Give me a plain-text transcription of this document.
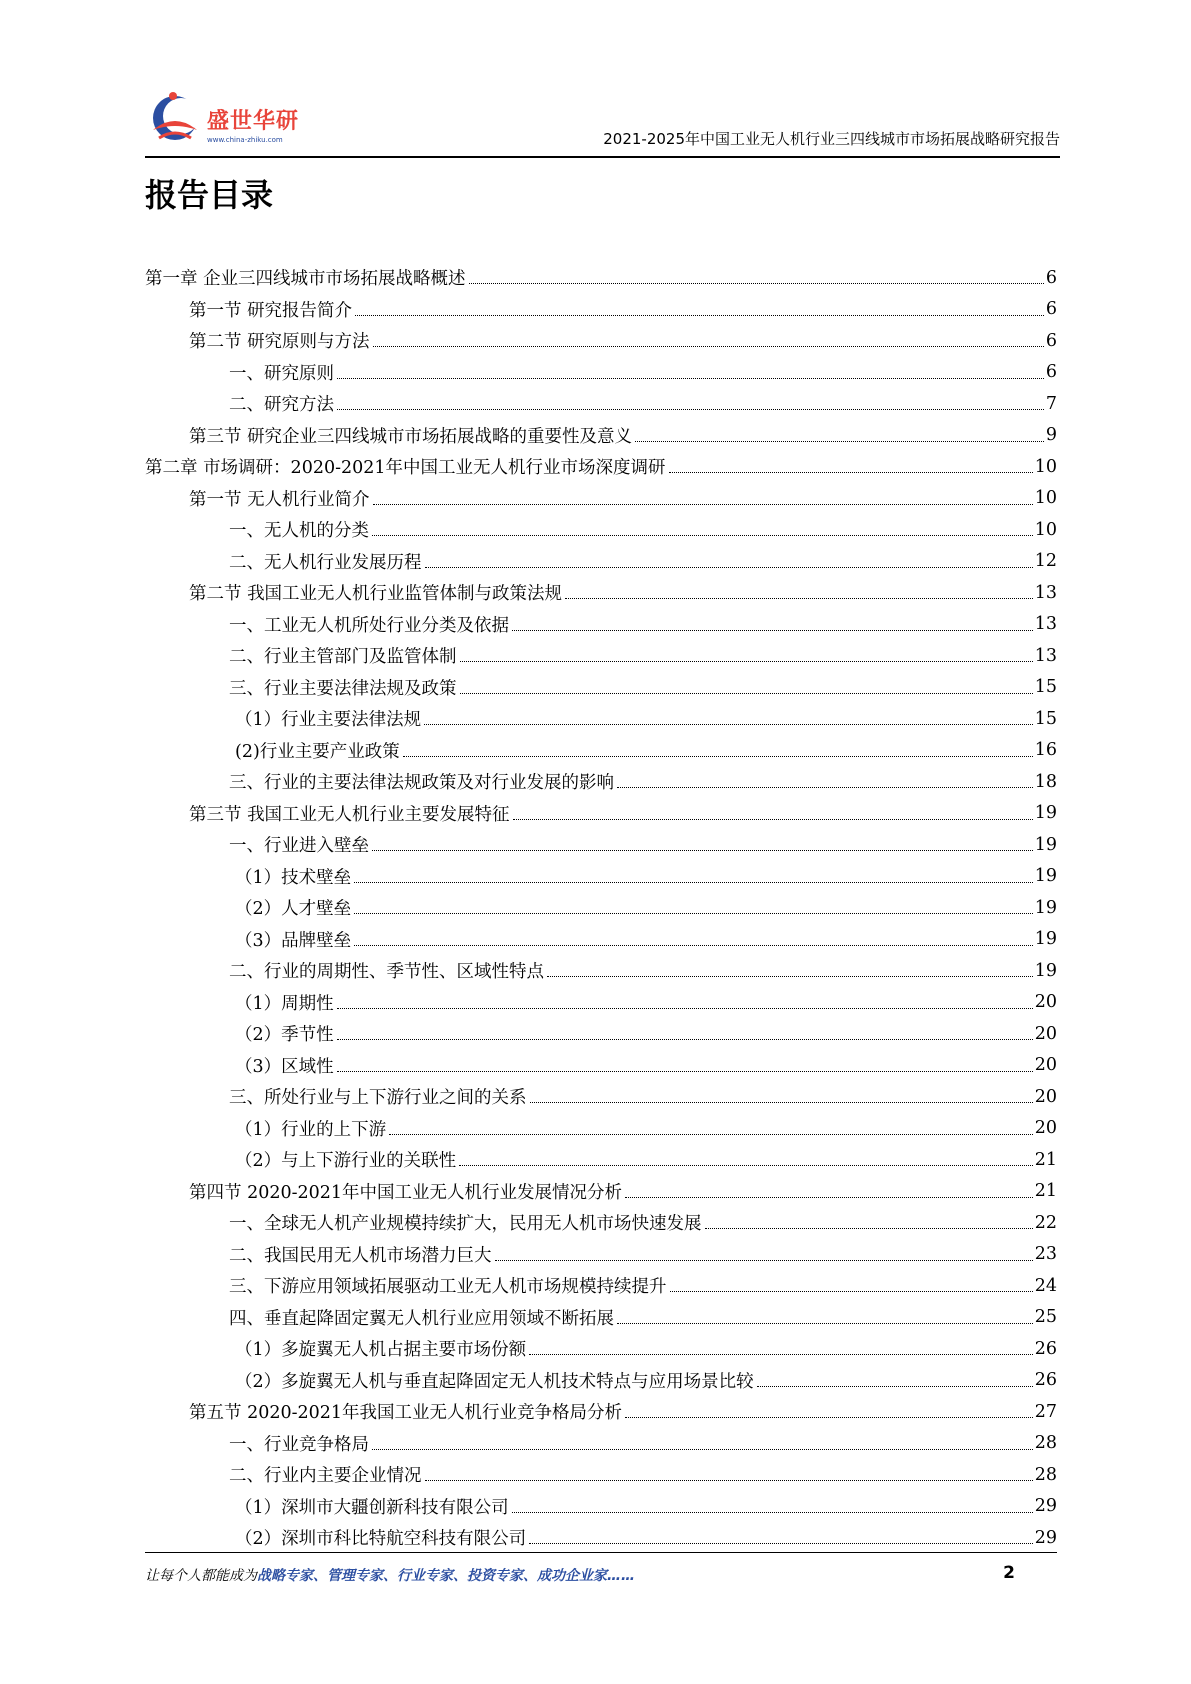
盛世华研
www.china-zhiku.com	2021-2025年中国工业无人机行业三四线城市市场拓展战略研究报告
报告目录
第一章 企业三四线城市市场拓展战略概述	6
第一节 研究报告简介	6
第二节 研究原则与方法	6
一、研究原则	6
二、研究方法	7
第三节 研究企业三四线城市市场拓展战略的重要性及意义	9
第二章 市场调研：2020-2021年中国工业无人机行业市场深度调研	10
第一节 无人机行业简介	10
一、无人机的分类	10
二、无人机行业发展历程	12
第二节 我国工业无人机行业监管体制与政策法规	13
一、工业无人机所处行业分类及依据	13
二、行业主管部门及监管体制	13
三、行业主要法律法规及政策	15
（1）行业主要法律法规	15
(2)行业主要产业政策	16
三、行业的主要法律法规政策及对行业发展的影响	18
第三节 我国工业无人机行业主要发展特征	19
一、行业进入壁垒	19
（1）技术壁垒	19
（2）人才壁垒	19
（3）品牌壁垒	19
二、行业的周期性、季节性、区域性特点	19
（1）周期性	20
（2）季节性	20
（3）区域性	20
三、所处行业与上下游行业之间的关系	20
（1）行业的上下游	20
（2）与上下游行业的关联性	21
第四节 2020-2021年中国工业无人机行业发展情况分析	21
一、全球无人机产业规模持续扩大，民用无人机市场快速发展	22
二、我国民用无人机市场潜力巨大	23
三、下游应用领域拓展驱动工业无人机市场规模持续提升	24
四、垂直起降固定翼无人机行业应用领域不断拓展	25
（1）多旋翼无人机占据主要市场份额	26
（2）多旋翼无人机与垂直起降固定无人机技术特点与应用场景比较	26
第五节 2020-2021年我国工业无人机行业竞争格局分析	27
一、行业竞争格局	28
二、行业内主要企业情况	28
（1）深圳市大疆创新科技有限公司	29
（2）深圳市科比特航空科技有限公司	29
让每个人都能成为战略专家、管理专家、行业专家、投资专家、成功企业家……	2
